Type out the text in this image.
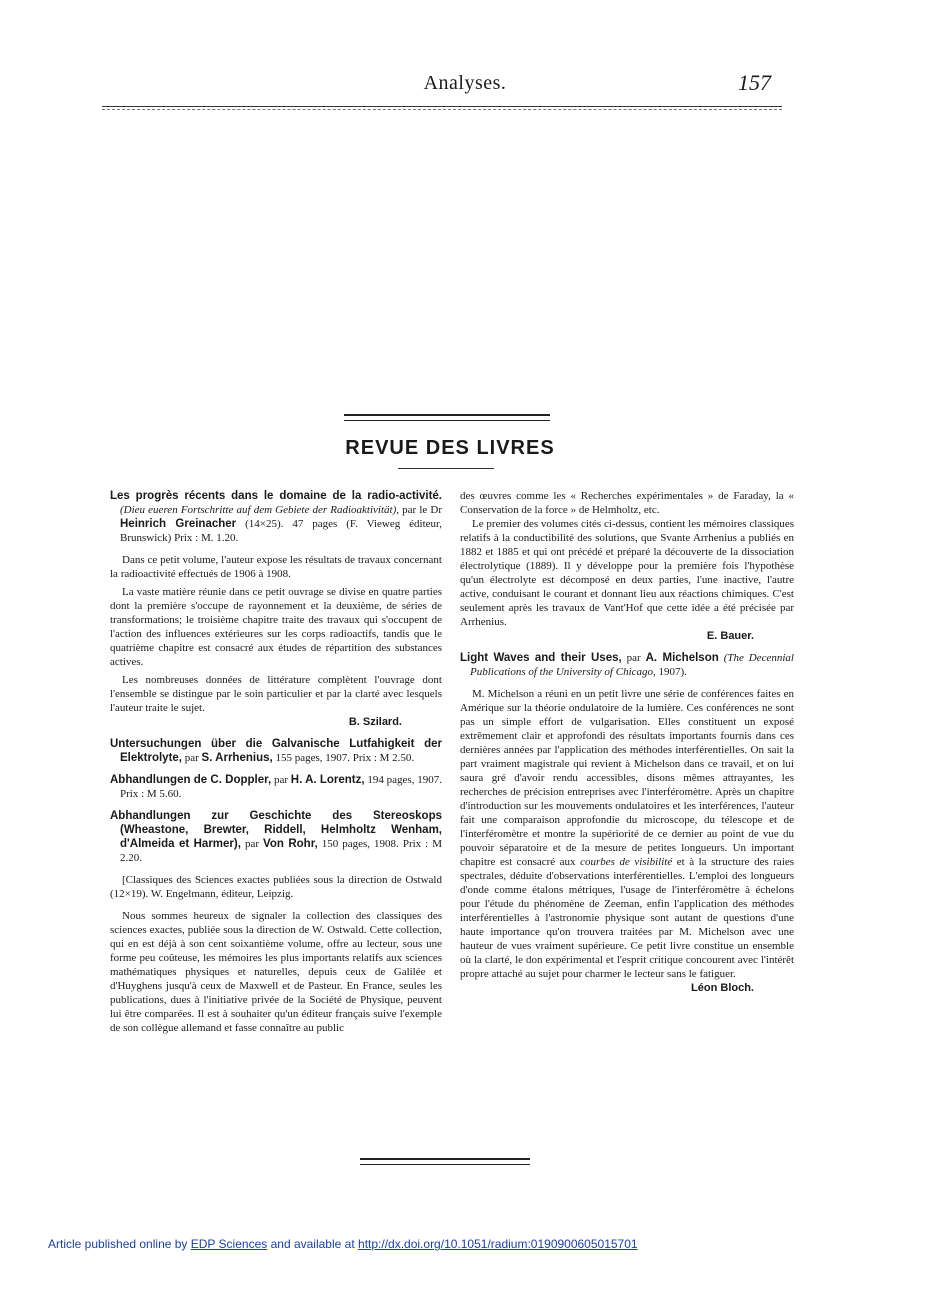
Analyses.	157
REVUE DES LIVRES

Les progrès récents dans le domaine de la radio-activité. (Dieu eueren Fortschritte auf dem Gebiete der Radioaktivität), par le Dr Heinrich Greinacher (14×25). 47 pages (F. Vieweg éditeur, Brunswick) Prix : M. 1.20.

Dans ce petit volume, l'auteur expose les résultats de travaux concernant la radioactivité effectués de 1906 à 1908.

La vaste matière réunie dans ce petit ouvrage se divise en quatre parties dont la première s'occupe de rayonnement et la deuxième, de séries de transformations; le troisième chapitre traite des travaux qui s'occupent de l'action des influences extérieures sur les corps radioactifs, tandis que le quatrième chapitre est consacré aux études de répartition des substances actives.

Les nombreuses données de littérature complètent l'ouvrage dont l'ensemble se distingue par le soin particulier et par la clarté avec lesquels l'auteur traite le sujet.

B. Szilard.

Untersuchungen über die Galvanische Lutfahigkeit der Elektrolyte, par S. Arrhenius, 155 pages, 1907. Prix : M 2.50.

Abhandlungen de C. Doppler, par H. A. Lorentz, 194 pages, 1907. Prix : M 5.60.

Abhandlungen zur Geschichte des Stereoskops (Wheastone, Brewter, Riddell, Helmholtz Wenham, d'Almeida et Harmer), par Von Rohr, 150 pages, 1908. Prix : M 2.20.

[Classiques des Sciences exactes publiées sous la direction de Ostwald (12×19). W. Engelmann, éditeur, Leipzig.

Nous sommes heureux de signaler la collection des classiques des sciences exactes, publiée sous la direction de W. Ostwald. Cette collection, qui en est déjà à son cent soixantième volume, offre au lecteur, sous une forme peu coûteuse, les mémoires les plus importants relatifs aux sciences mathématiques physiques et naturelles, depuis ceux de Galilée et d'Huyghens jusqu'à ceux de Maxwell et de Pasteur. En France, seules les publications, dues à l'initiative privée de la Société de Physique, peuvent lui être comparées. Il est à souhaiter qu'un éditeur français suive l'exemple de son collègue allemand et fasse connaître au public

des œuvres comme les « Recherches expérimentales » de Faraday, la « Conservation de la force » de Helmholtz, etc.

Le premier des volumes cités ci-dessus, contient les mémoires classiques relatifs à la conductibilité des solutions, que Svante Arrhenius a publiés en 1882 et 1885 et qui ont précédé et préparé la découverte de la dissociation électrolytique (1889). Il y développe pour la première fois l'hypothèse qu'un électrolyte est décomposé en deux parties, l'une inactive, l'autre active, conduisant le courant et donnant lieu aux réactions chimiques. C'est seulement après les travaux de Vant'Hof que cette idée a été précisée par Arrhenius.

E. Bauer.

Light Waves and their Uses, par A. Michelson (The Decennial Publications of the University of Chicago, 1907).

M. Michelson a réuni en un petit livre une série de conférences faites en Amérique sur la théorie ondulatoire de la lumière. Ces conférences ne sont pas un simple effort de vulgarisation. Elles constituent un exposé extrêmement clair et approfondi des résultats importants fournis dans ces dernières années par l'application des méthodes interférentielles. On sait la part vraiment magistrale qui revient à Michelson dans ce travail, et on lui saura gré d'avoir rendu accessibles, disons mêmes attrayantes, les recherches de précision entreprises avec l'interféromètre. Après un chapitre d'introduction sur les mouvements ondulatoires et les interférences, l'auteur fait une comparaison approfondie du microscope, du télescope et de l'interféromètre et montre la supériorité de ce dernier au point de vue du pouvoir séparatoire et de la mesure de petites longueurs. Un important chapitre est consacré aux courbes de visibilité et à la structure des raies spectrales, déduite d'observations interférentielles. L'emploi des longueurs d'onde comme étalons métriques, l'usage de l'interféromètre à échelons pour l'étude du phénomène de Zeeman, enfin l'application des méthodes interférentielles à l'astronomie physique sont autant de questions d'une haute importance qu'on trouvera traitées par M. Michelson avec une hauteur de vues vraiment supérieure. Ce petit livre constitue un ensemble où la clarté, le don expérimental et l'esprit critique concourent avec l'intérêt propre attaché au sujet pour charmer le lecteur sans le fatiguer.

Léon Bloch.

Article published online by EDP Sciences and available at http://dx.doi.org/10.1051/radium:0190900605015701
